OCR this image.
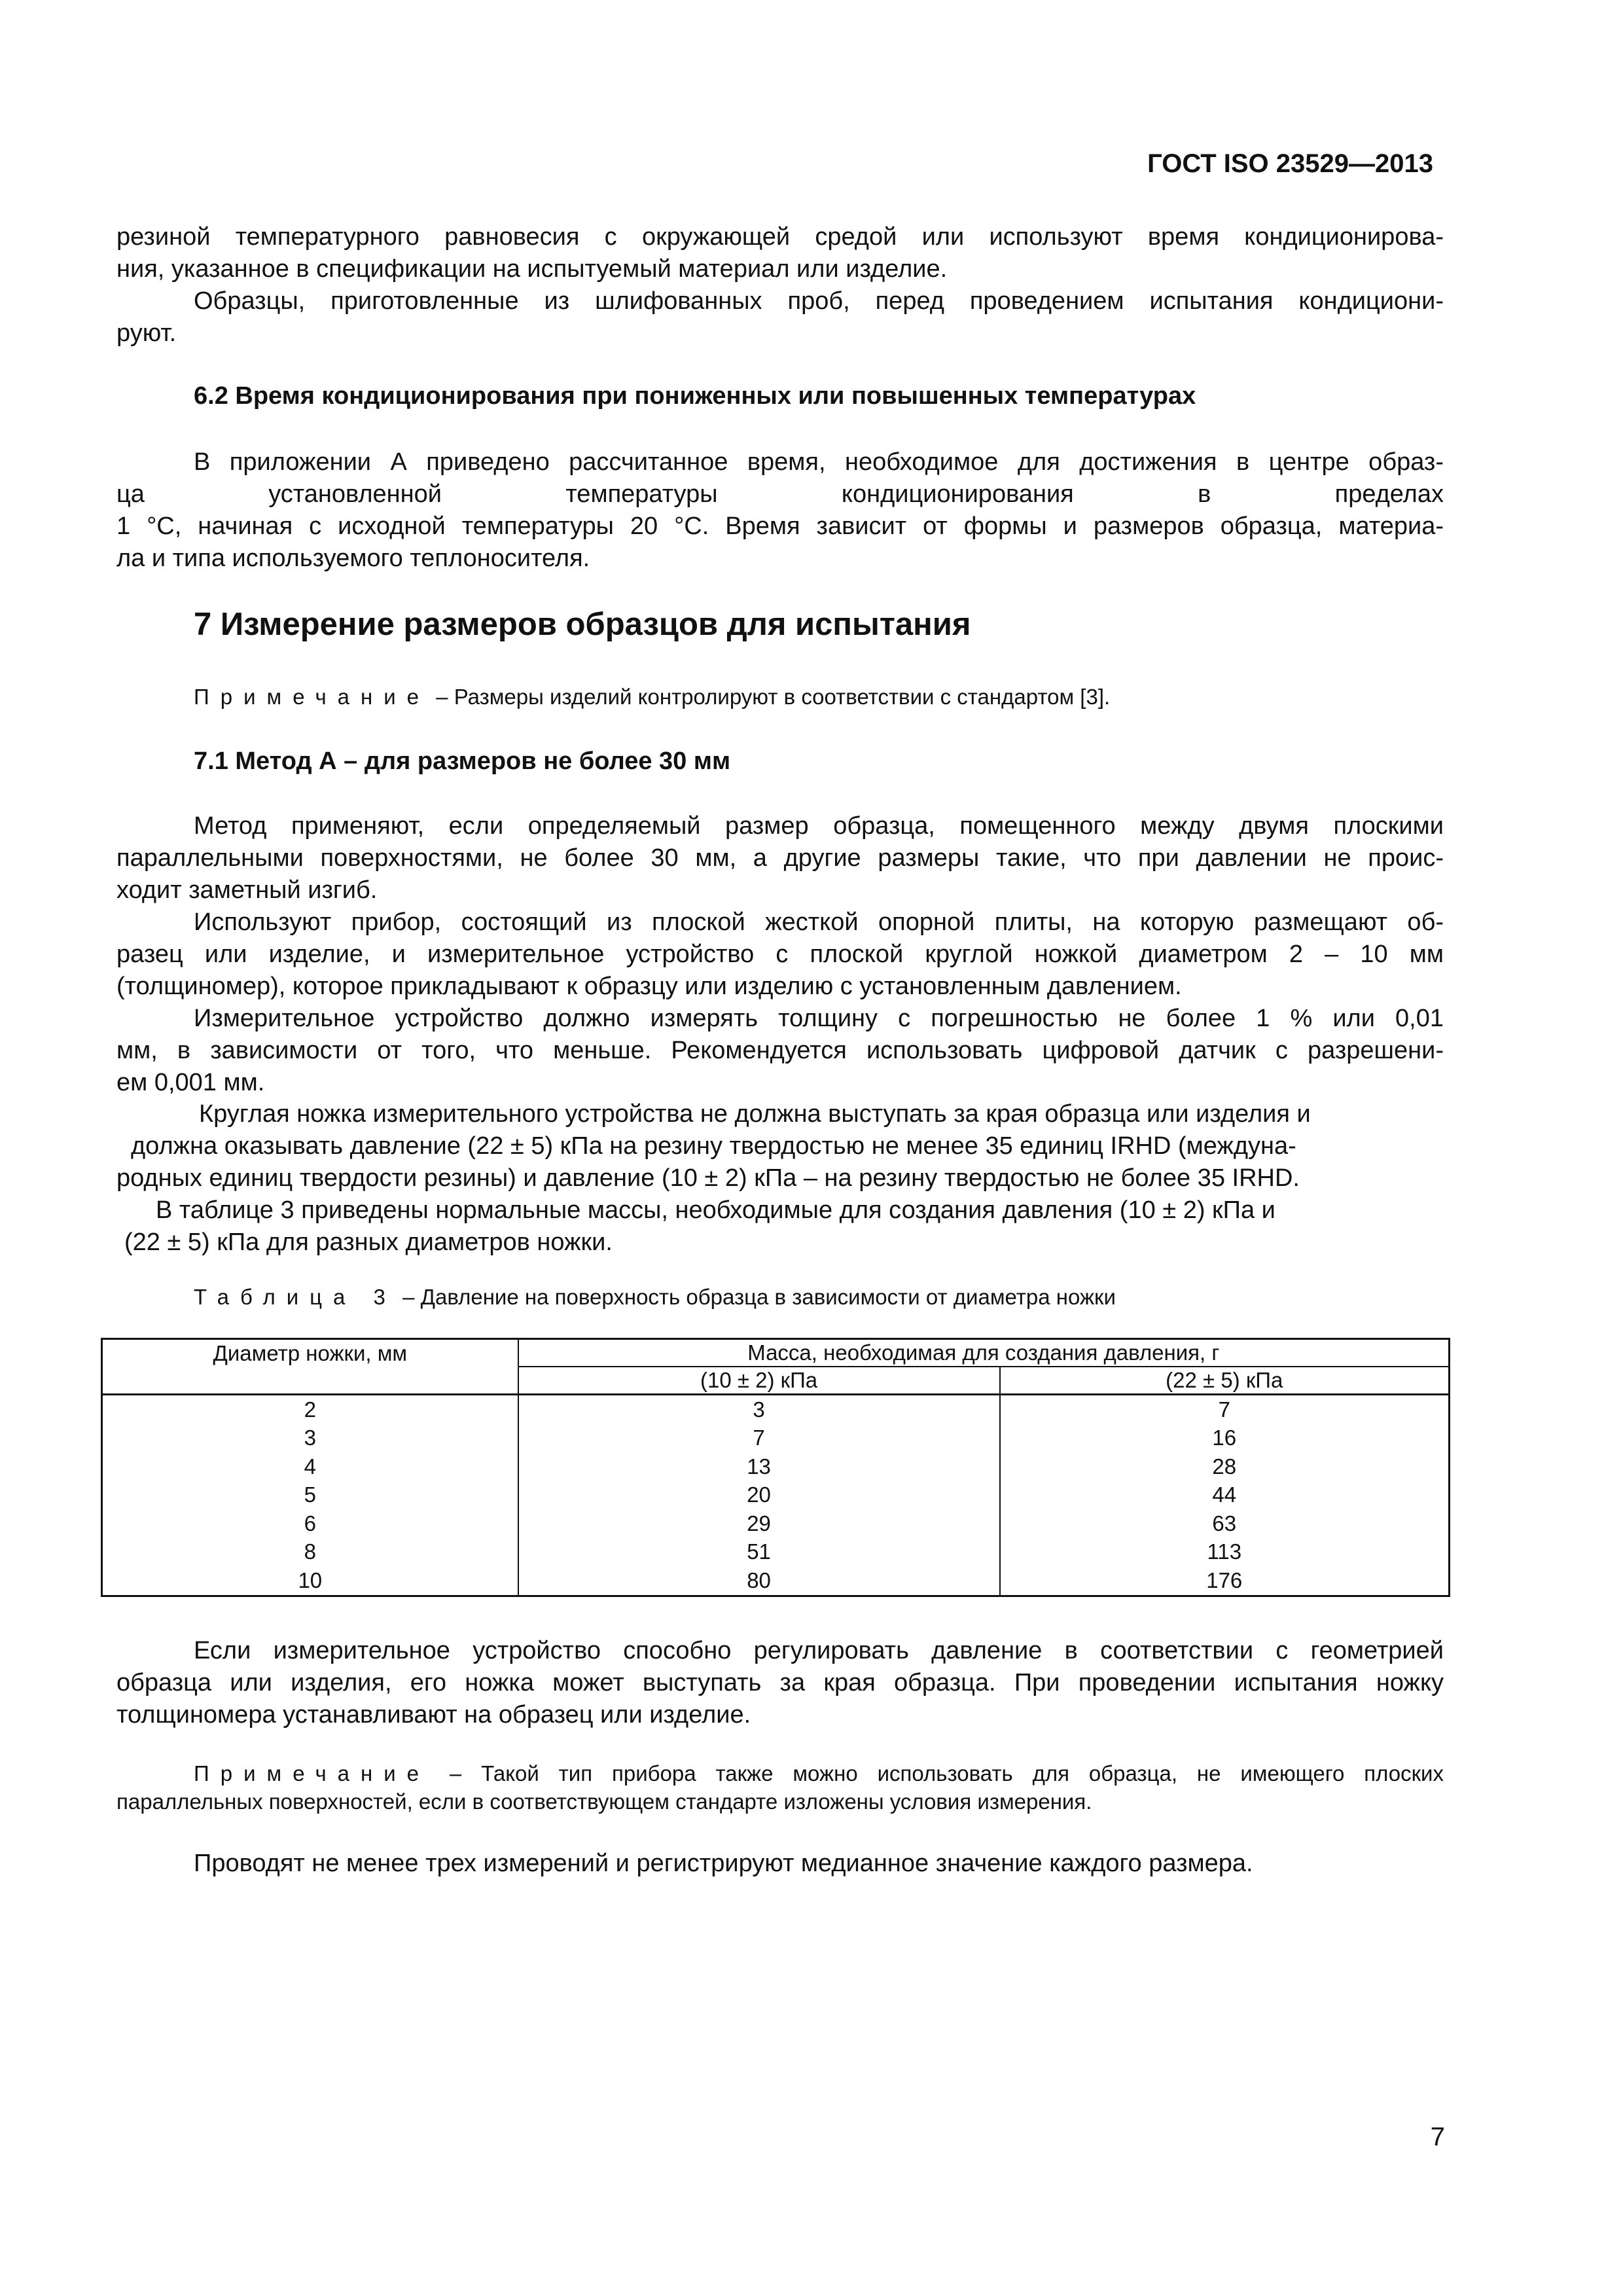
ГОСТ ISO 23529—2013
резиной температурного равновесия с окружающей средой или используют время кондиционирова-
ния, указанное в спецификации на испытуемый материал или изделие.
Образцы, приготовленные из шлифованных проб, перед проведением испытания кондициони-
руют.
6.2 Время кондиционирования при пониженных или повышенных температурах
В приложении А приведено рассчитанное время, необходимое для достижения в центре образ-
ца установленной температуры кондиционирования в пределах
1 °С, начиная с исходной температуры 20 °С. Время зависит от формы и размеров образца, материа-
ла и типа используемого теплоносителя.
7 Измерение размеров образцов для испытания
Примечание – Размеры изделий контролируют в соответствии с стандартом [3].
7.1 Метод А – для размеров не более 30 мм
Метод применяют, если определяемый размер образца, помещенного между двумя плоскими
параллельными поверхностями, не более 30 мм, а другие размеры такие, что при давлении не проис-
ходит заметный изгиб.
Используют прибор, состоящий из плоской жесткой опорной плиты, на которую размещают об-
разец или изделие, и измерительное устройство с плоской круглой ножкой диаметром 2 – 10 мм
(толщиномер), которое прикладывают к образцу или изделию с установленным давлением.
Измерительное устройство должно измерять толщину с погрешностью не более 1 % или 0,01
мм, в зависимости от того, что меньше. Рекомендуется использовать цифровой датчик с разрешени-
ем 0,001 мм.
Круглая ножка измерительного устройства не должна выступать за края образца или изделия и
должна оказывать давление (22 ± 5) кПа на резину твердостью не менее 35 единиц IRHD (междуна-
родных единиц твердости резины) и давление (10 ± 2) кПа – на резину твердостью не более 35 IRHD.
В таблице 3 приведены нормальные массы, необходимые для создания давления (10 ± 2) кПа и
(22 ± 5) кПа для разных диаметров ножки.
Таблица 3 – Давление на поверхность образца в зависимости от диаметра ножки
Диаметр ножки, мм	Масса, необходимая для создания давления, г	
	(10 ± 2) кПа	(22 ± 5) кПа
2	3	7
3	7	16
4	13	28
5	20	44
6	29	63
8	51	113
10	80	176
Если измерительное устройство способно регулировать давление в соответствии с геометрией
образца или изделия, его ножка может выступать за края образца. При проведении испытания ножку
толщиномера устанавливают на образец или изделие.
Примечание – Такой тип прибора также можно использовать для образца, не имеющего плоских
параллельных поверхностей, если в соответствующем стандарте изложены условия измерения.
Проводят не менее трех измерений и регистрируют медианное значение каждого размера.
7
